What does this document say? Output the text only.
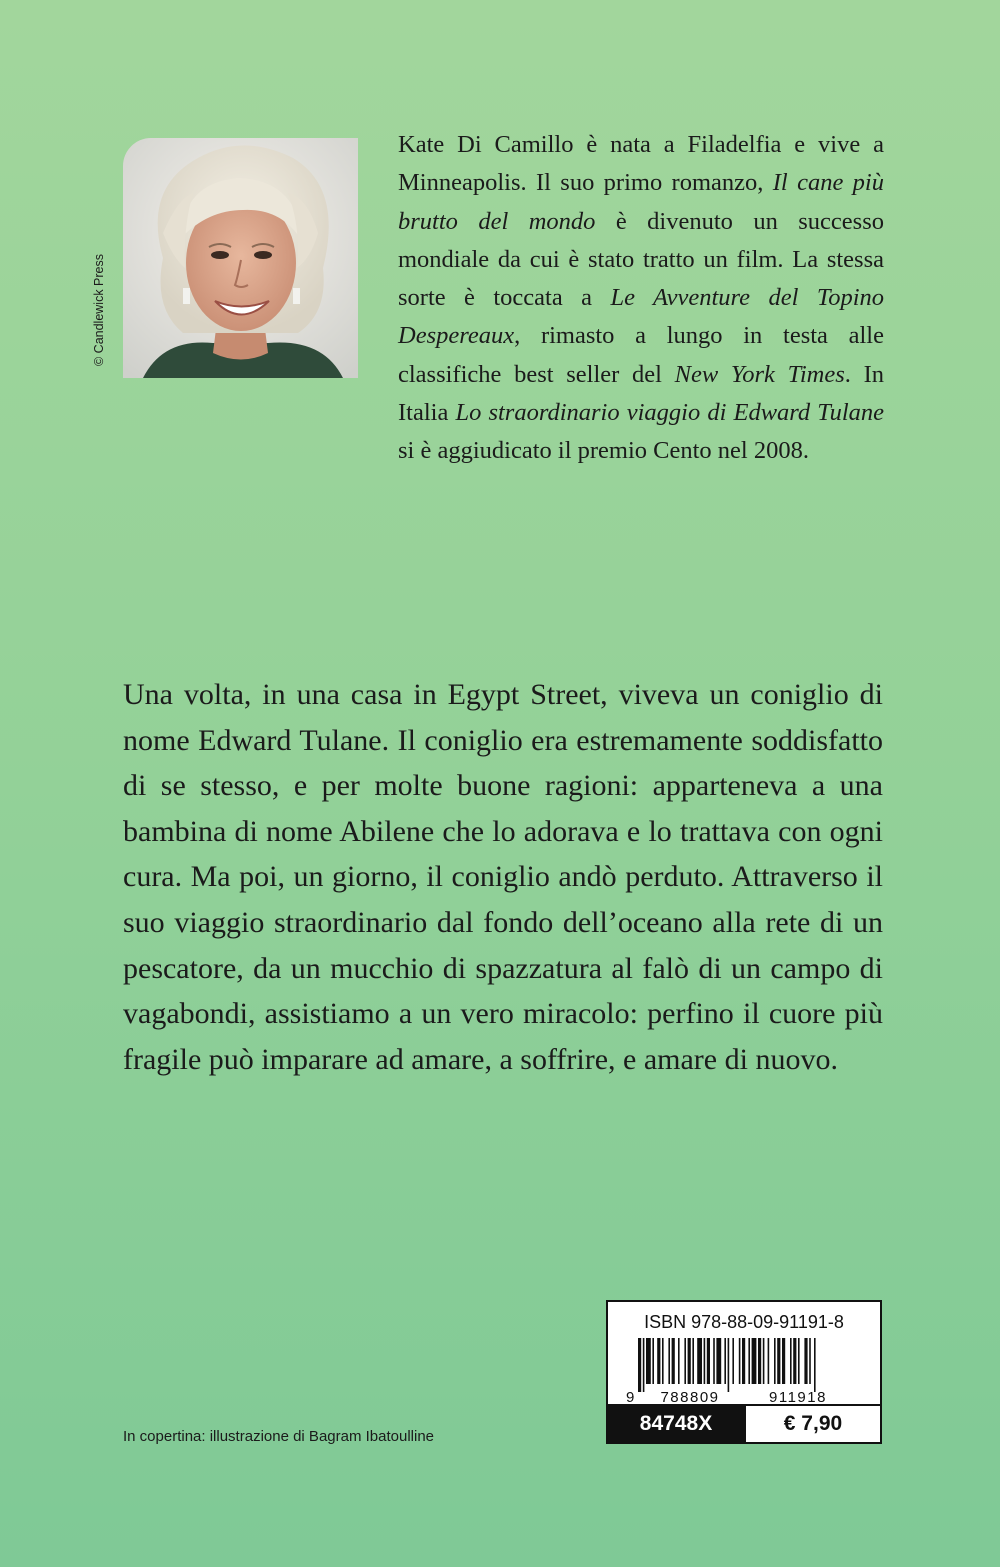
© Candlewick Press

Kate Di Camillo è nata a Filadelfia e vive a Minneapolis. Il suo primo romanzo, Il cane più brutto del mondo è divenuto un successo mondiale da cui è stato tratto un film. La stessa sorte è toccata a Le Avventure del Topino Despereaux, rimasto a lungo in testa alle classifiche best seller del New York Times. In Italia Lo straordinario viaggio di Edward Tulane si è aggiudicato il premio Cento nel 2008.

Una volta, in una casa in Egypt Street, viveva un coniglio di nome Edward Tulane. Il coniglio era estremamente soddisfatto di se stesso, e per molte buone ragioni: apparteneva a una bambina di nome Abilene che lo adorava e lo trattava con ogni cura. Ma poi, un giorno, il coniglio andò perduto. Attraverso il suo viaggio straordinario dal fondo dell’oceano alla rete di un pescatore, da un mucchio di spazzatura al falò di un campo di vagabondi, assistiamo a un vero miracolo: perfino il cuore più fragile può imparare ad amare, a soffrire, e amare di nuovo.

In copertina: illustrazione di Bagram Ibatoulline
ISBN 978-88-09-91191-8
9 788809	911918
84748X	€ 7,90
